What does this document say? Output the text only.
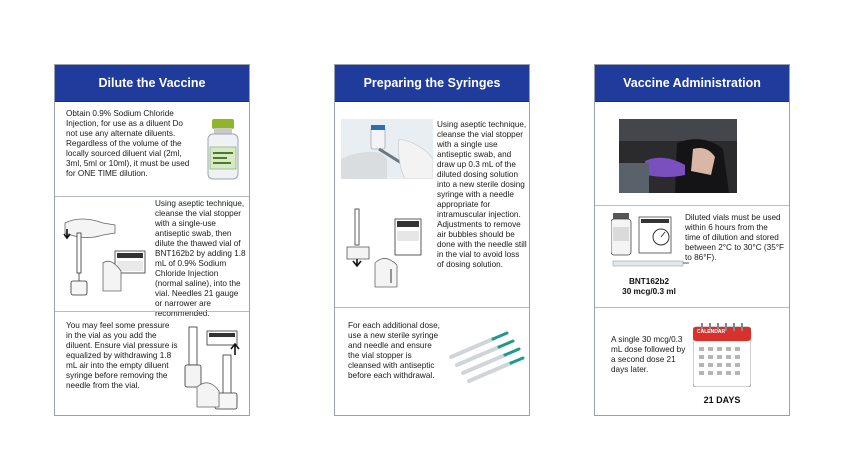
Dilute the Vaccine
Obtain 0.9% Sodium Chloride Injection, for use as a diluent Do not use any alternate diluents. Regardless of the volume of the locally sourced diluent vial (2ml, 3ml, 5ml or 10ml), it must be used for ONE TIME dilution.
Using aseptic technique, cleanse the vial stopper with a single-use antiseptic swab, then dilute the thawed vial of BNT162b2 by adding 1.8 mL of 0.9% Sodium Chloride Injection (normal saline), into the vial. Needles 21 gauge or narrower are recommended.
You may feel some pressure in the vial as you add the diluent. Ensure vial pressure is equalized by withdrawing 1.8 mL air into the empty diluent syringe before removing the needle from the vial.
Preparing the Syringes
Using aseptic technique, cleanse the vial stopper with a single use antiseptic swab, and draw up 0.3 mL of the diluted dosing solution into a new sterile dosing syringe with a needle appropriate for intramuscular injection. Adjustments to remove air bubbles should be done with the needle still in the vial to avoid loss of dosing solution.
For each additional dose, use a new sterile syringe and needle and ensure the vial stopper is cleansed with antiseptic before each withdrawal.
Vaccine Administration
BNT162b2
30 mcg/0.3 ml
Diluted vials must be used within 6 hours from the time of dilution and stored between 2°C to 30°C (35°F to 86°F).
A single 30 mcg/0.3 mL dose followed by a second dose 21 days later.
CALENDAR
21 DAYS
